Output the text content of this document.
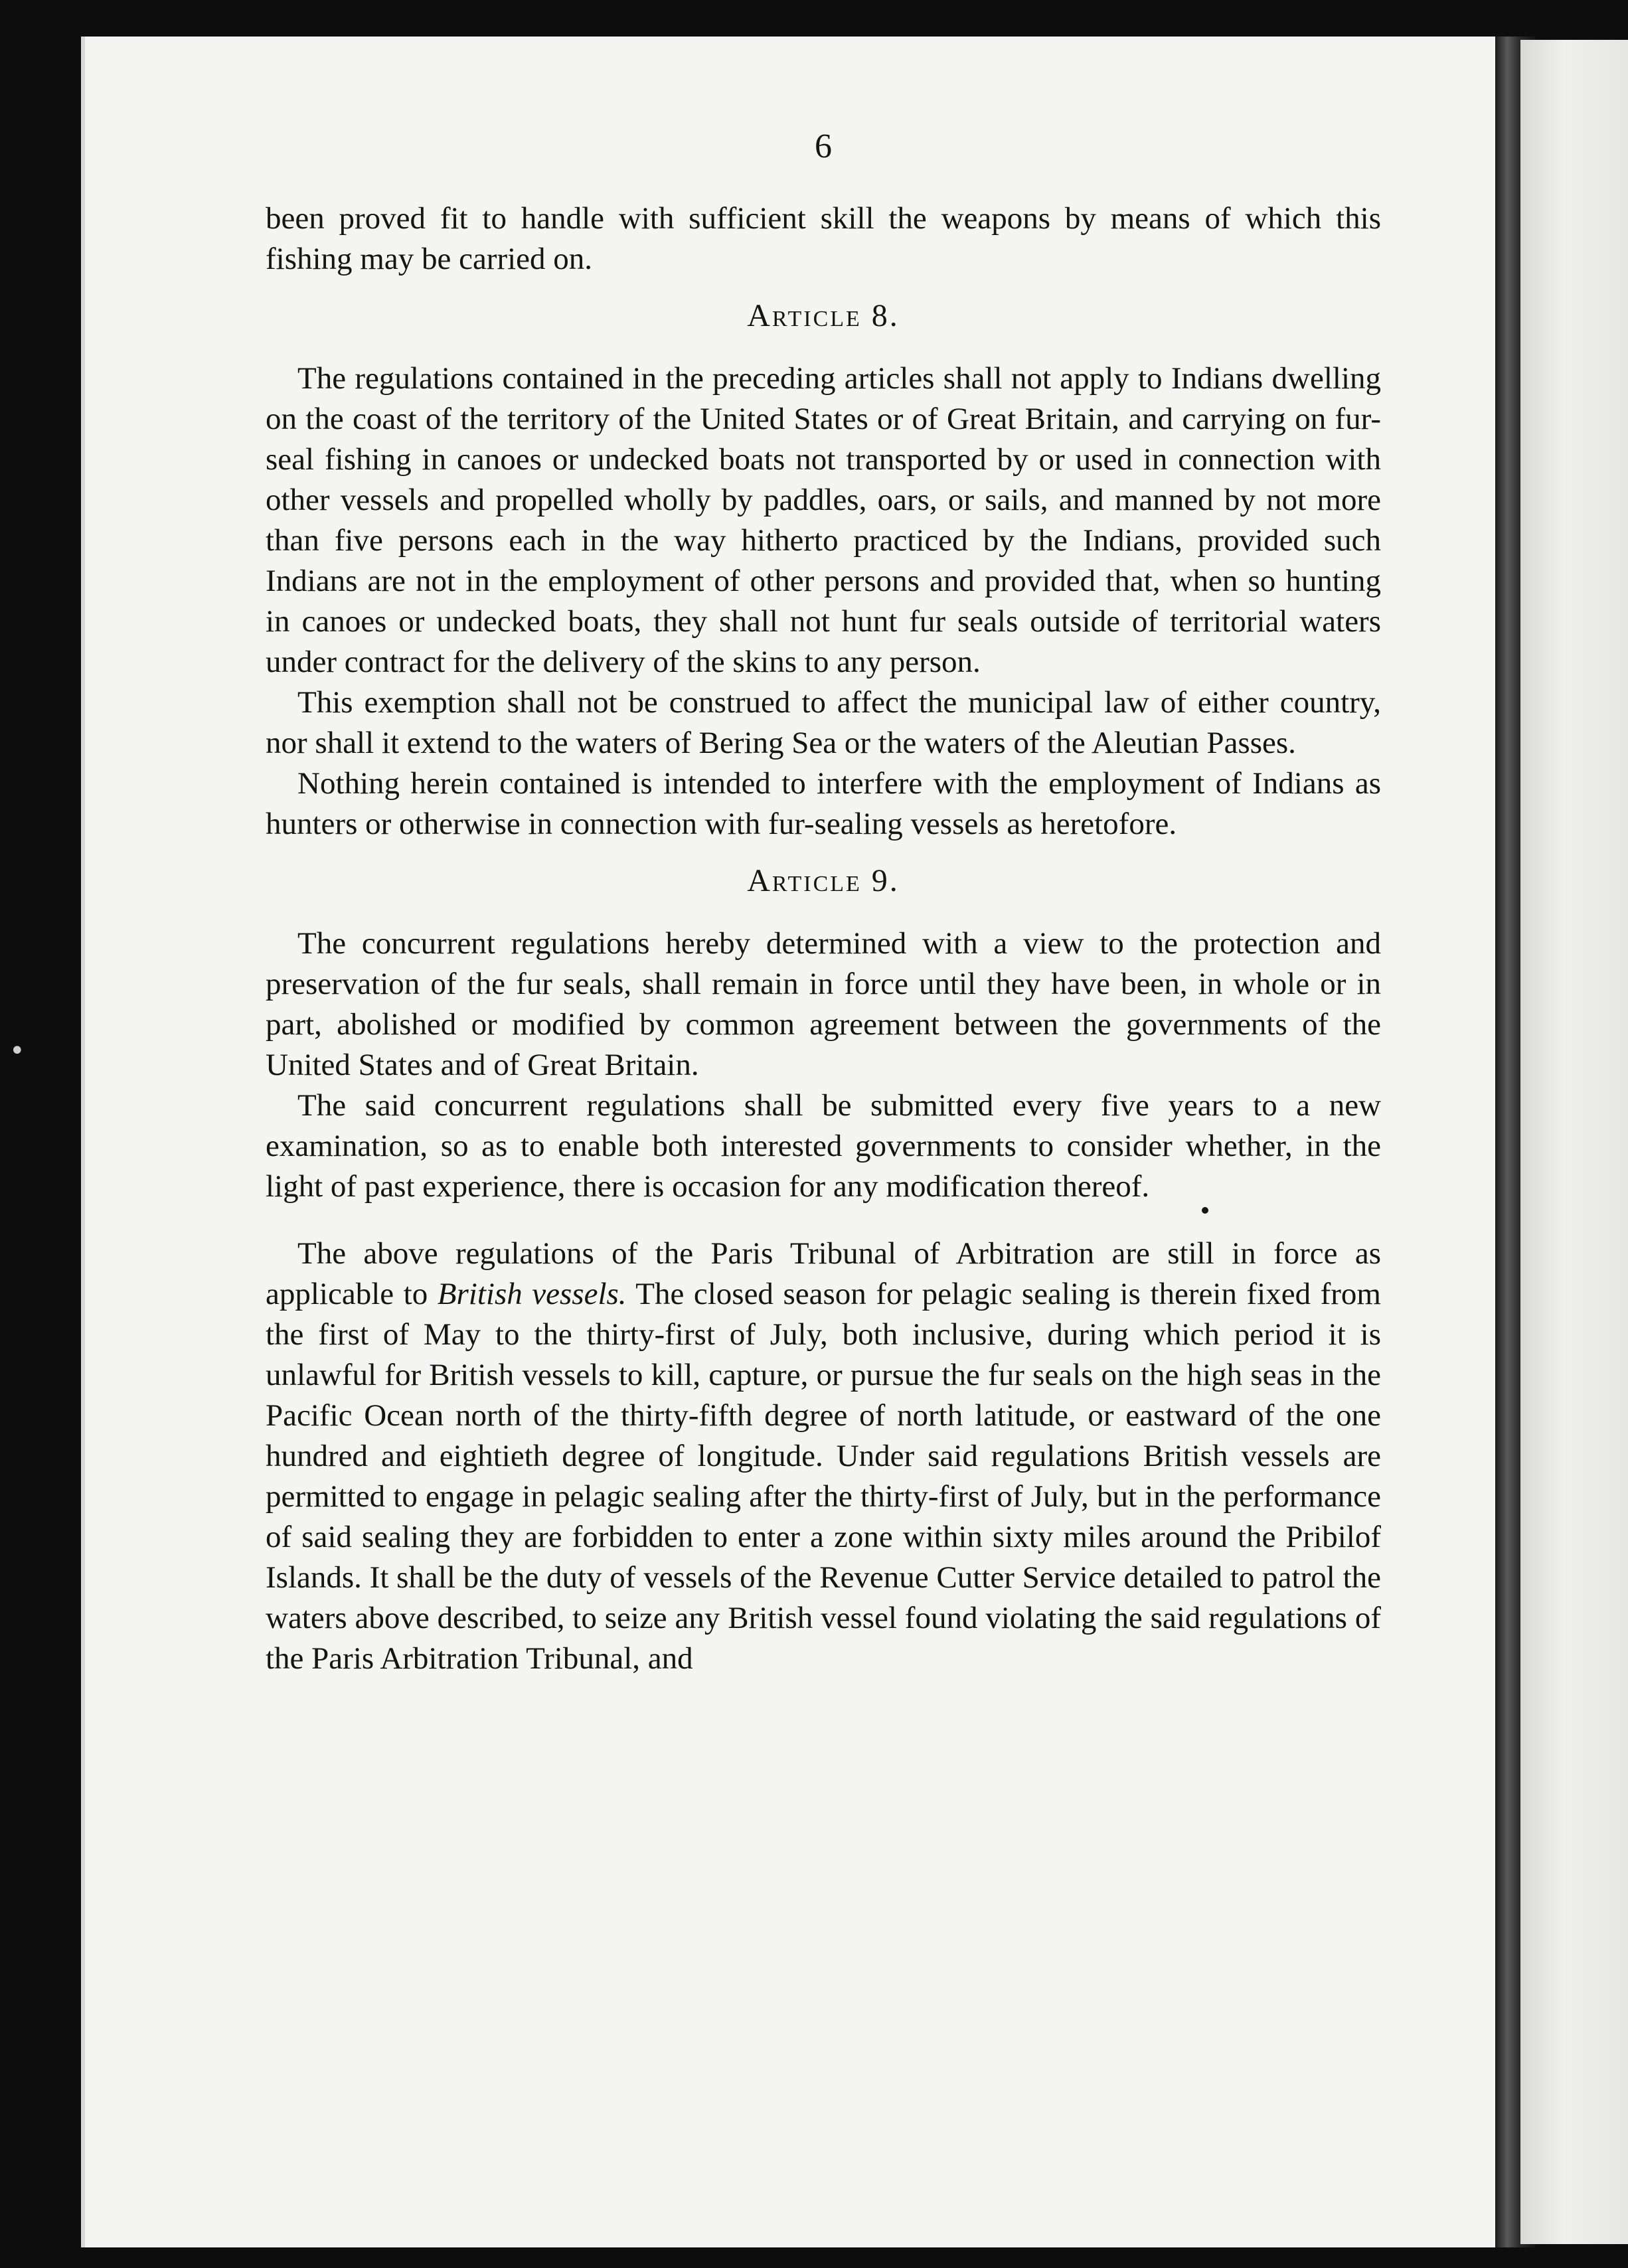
•
6

been proved fit to handle with sufficient skill the weapons by means of which this fishing may be carried on.

Article 8.

The regulations contained in the preceding articles shall not apply to Indians dwelling on the coast of the territory of the United States or of Great Britain, and carrying on fur-seal fishing in canoes or undecked boats not transported by or used in connection with other vessels and propelled wholly by paddles, oars, or sails, and manned by not more than five persons each in the way hitherto practiced by the Indians, provided such Indians are not in the employment of other persons and provided that, when so hunting in canoes or undecked boats, they shall not hunt fur seals outside of territorial waters under contract for the delivery of the skins to any person.

This exemption shall not be construed to affect the municipal law of either country, nor shall it extend to the waters of Bering Sea or the waters of the Aleutian Passes.

Nothing herein contained is intended to interfere with the employment of Indians as hunters or otherwise in connection with fur-sealing vessels as heretofore.

Article 9.

The concurrent regulations hereby determined with a view to the protection and preservation of the fur seals, shall remain in force until they have been, in whole or in part, abolished or modified by common agreement between the governments of the United States and of Great Britain.

The said concurrent regulations shall be submitted every five years to a new examination, so as to enable both interested governments to consider whether, in the light of past experience, there is occasion for any modification thereof.

The above regulations of the Paris Tribunal of Arbitration are still in force as applicable to British vessels. The closed season for pelagic sealing is therein fixed from the first of May to the thirty-first of July, both inclusive, during which period it is unlawful for British vessels to kill, capture, or pursue the fur seals on the high seas in the Pacific Ocean north of the thirty-fifth degree of north latitude, or eastward of the one hundred and eightieth degree of longitude. Under said regulations British vessels are permitted to engage in pelagic sealing after the thirty-first of July, but in the performance of said sealing they are forbidden to enter a zone within sixty miles around the Pribilof Islands. It shall be the duty of vessels of the Revenue Cutter Service detailed to patrol the waters above described, to seize any British vessel found violating the said regulations of the Paris Arbitration Tribunal, and
